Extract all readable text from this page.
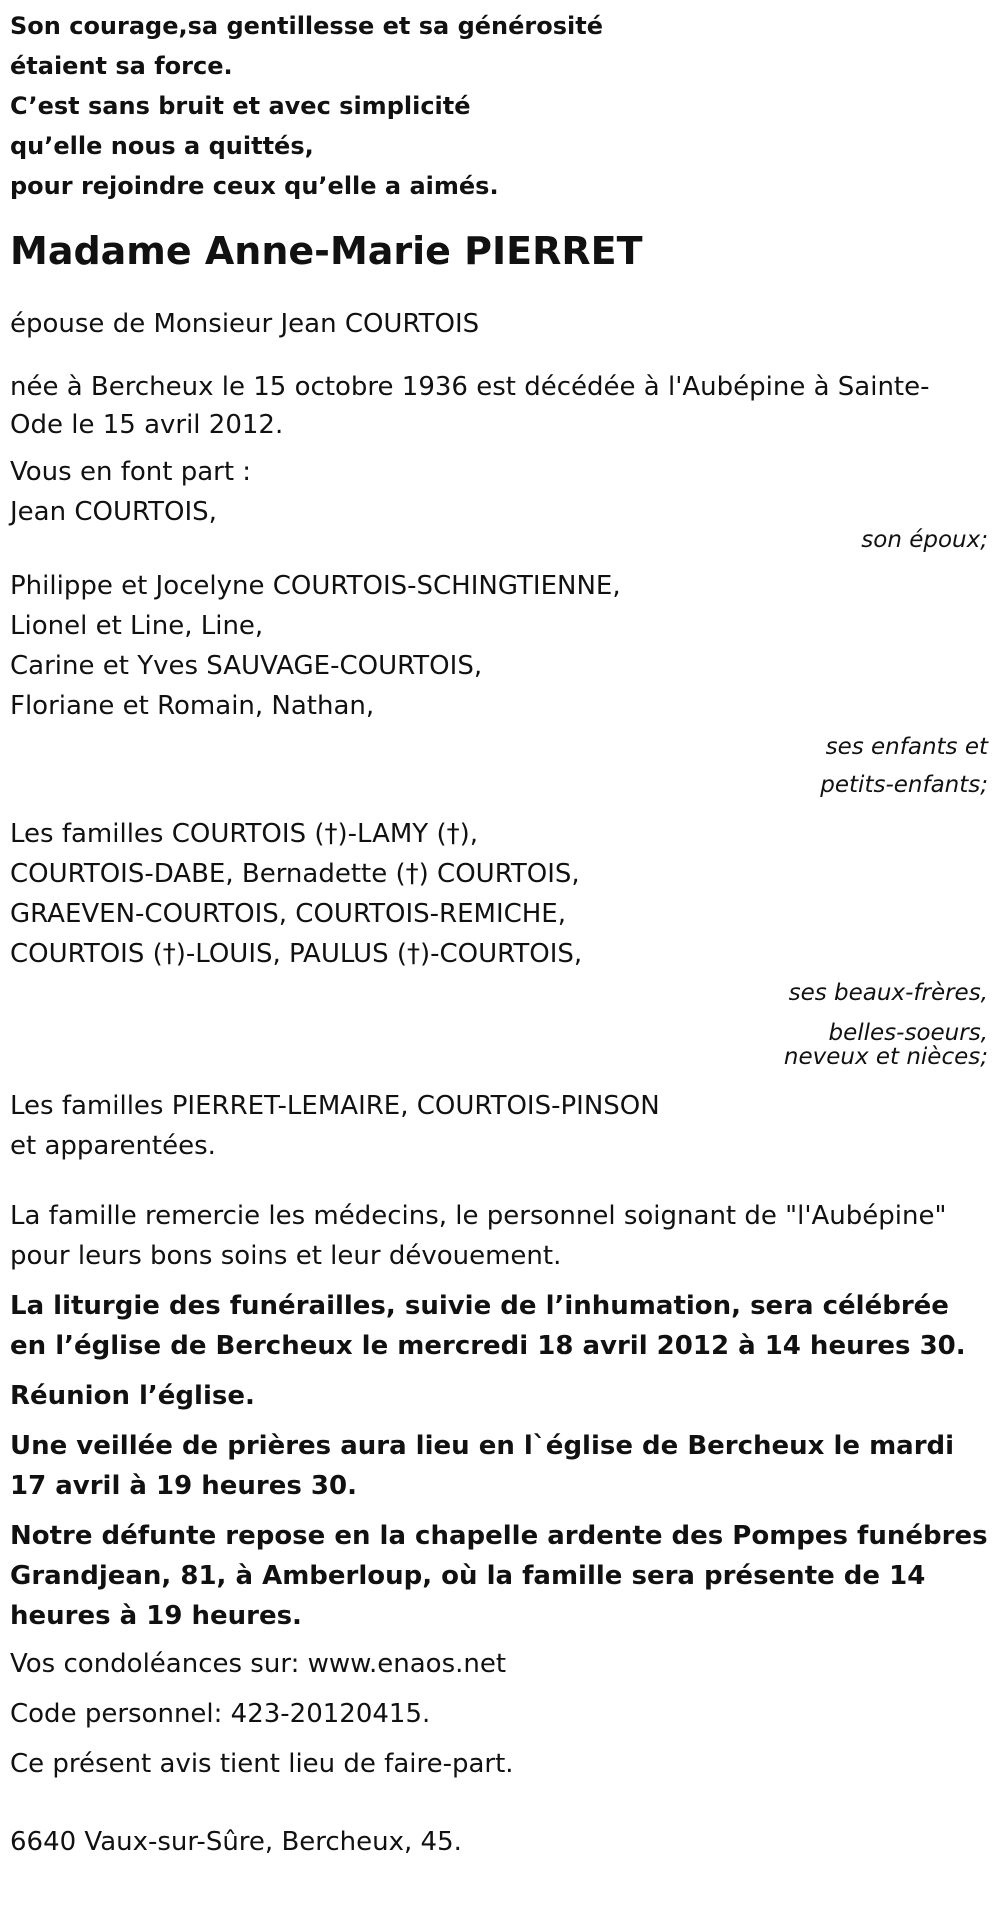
Son courage,sa gentillesse et sa générosité

étaient sa force.

C’est sans bruit et avec simplicité

qu’elle nous a quittés,

pour rejoindre ceux qu’elle a aimés.

Madame Anne-Marie PIERRET

épouse de Monsieur Jean COURTOIS

née à Bercheux le 15 octobre 1936 est décédée à l'Aubépine à Sainte-Ode le 15 avril 2012.

Vous en font part :

Jean COURTOIS,

son époux;

Philippe et Jocelyne COURTOIS-SCHINGTIENNE,

Lionel et Line, Line,

Carine et Yves SAUVAGE-COURTOIS,

Floriane et Romain, Nathan,

ses enfants et

petits-enfants;

Les familles COURTOIS (†)-LAMY (†),

COURTOIS-DABE, Bernadette (†) COURTOIS,

GRAEVEN-COURTOIS, COURTOIS-REMICHE,

COURTOIS (†)-LOUIS, PAULUS (†)-COURTOIS,

ses beaux-frères,

belles-soeurs,

neveux et nièces;

Les familles PIERRET-LEMAIRE, COURTOIS-PINSON

et apparentées.

La famille remercie les médecins, le personnel soignant de "l'Aubépine" pour leurs bons soins et leur dévouement.

La liturgie des funérailles, suivie de l’inhumation, sera célébrée en l’église de Bercheux le mercredi 18 avril 2012 à 14 heures 30.

Réunion l’église.

Une veillée de prières aura lieu en l`église de Bercheux le mardi 17 avril à 19 heures 30.

Notre défunte repose en la chapelle ardente des Pompes funébres Grandjean, 81, à Amberloup, où la famille sera présente de 14 heures à 19 heures.

Vos condoléances sur: www.enaos.net

Code personnel: 423-20120415.

Ce présent avis tient lieu de faire-part.

6640 Vaux-sur-Sûre, Bercheux, 45.
